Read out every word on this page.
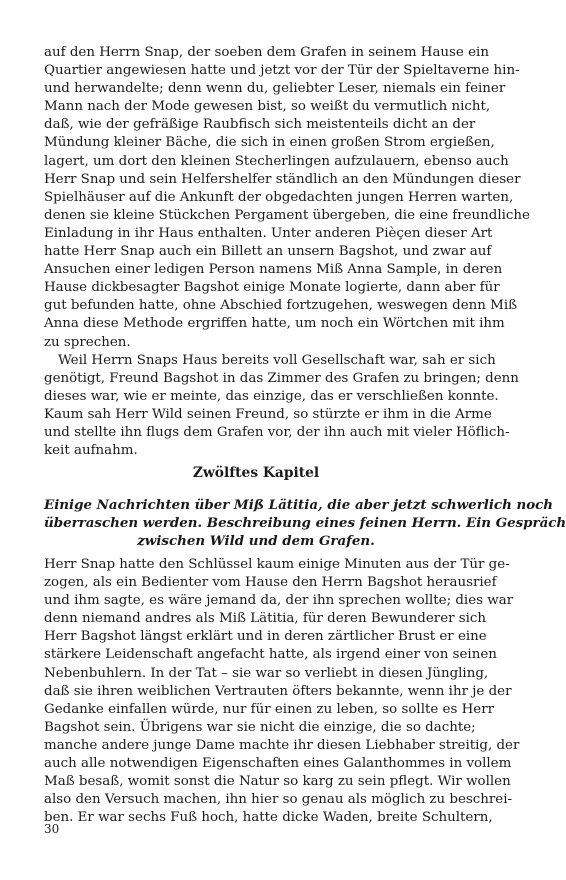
auf den Herrn Snap, der soeben dem Grafen in seinem Hause ein
Quartier angewiesen hatte und jetzt vor der Tür der Spieltaverne hin-
und herwandelte; denn wenn du, geliebter Leser, niemals ein feiner
Mann nach der Mode gewesen bist, so weißt du vermutlich nicht,
daß, wie der gefräßige Raubfisch sich meistenteils dicht an der
Mündung kleiner Bäche, die sich in einen großen Strom ergießen,
lagert, um dort den kleinen Stecherlingen aufzulauern, ebenso auch
Herr Snap und sein Helfershelfer ständlich an den Mündungen dieser
Spielhäuser auf die Ankunft der obgedachten jungen Herren warten,
denen sie kleine Stückchen Pergament übergeben, die eine freundliche
Einladung in ihr Haus enthalten. Unter anderen Pièçen dieser Art
hatte Herr Snap auch ein Billett an unsern Bagshot, und zwar auf
Ansuchen einer ledigen Person namens Miß Anna Sample, in deren
Hause dickbesagter Bagshot einige Monate logierte, dann aber für
gut befunden hatte, ohne Abschied fortzugehen, weswegen denn Miß
Anna diese Methode ergriffen hatte, um noch ein Wörtchen mit ihm
zu sprechen.
Weil Herrn Snaps Haus bereits voll Gesellschaft war, sah er sich
genötigt, Freund Bagshot in das Zimmer des Grafen zu bringen; denn
dieses war, wie er meinte, das einzige, das er verschließen konnte.
Kaum sah Herr Wild seinen Freund, so stürzte er ihm in die Arme
und stellte ihn flugs dem Grafen vor, der ihn auch mit vieler Höflich-
keit aufnahm.
Zwölftes Kapitel
Einige Nachrichten über Miß Lätitia, die aber jetzt schwerlich noch
überraschen werden. Beschreibung eines feinen Herrn. Ein Gespräch
zwischen Wild und dem Grafen.
Herr Snap hatte den Schlüssel kaum einige Minuten aus der Tür ge-
zogen, als ein Bedienter vom Hause den Herrn Bagshot herausrief
und ihm sagte, es wäre jemand da, der ihn sprechen wollte; dies war
denn niemand andres als Miß Lätitia, für deren Bewunderer sich
Herr Bagshot längst erklärt und in deren zärtlicher Brust er eine
stärkere Leidenschaft angefacht hatte, als irgend einer von seinen
Nebenbuhlern. In der Tat – sie war so verliebt in diesen Jüngling,
daß sie ihren weiblichen Vertrauten öfters bekannte, wenn ihr je der
Gedanke einfallen würde, nur für einen zu leben, so sollte es Herr
Bagshot sein. Übrigens war sie nicht die einzige, die so dachte;
manche andere junge Dame machte ihr diesen Liebhaber streitig, der
auch alle notwendigen Eigenschaften eines Galanthommes in vollem
Maß besaß, womit sonst die Natur so karg zu sein pflegt. Wir wollen
also den Versuch machen, ihn hier so genau als möglich zu beschrei-
ben. Er war sechs Fuß hoch, hatte dicke Waden, breite Schultern,
30
